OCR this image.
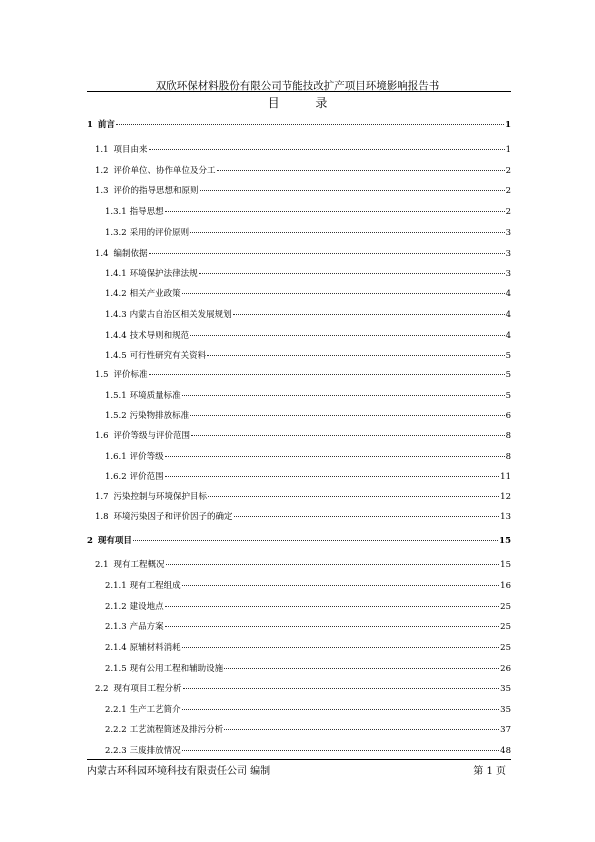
双欣环保材料股份有限公司节能技改扩产项目环境影响报告书
目 录
1 前言	1
1.1 项目由来	1
1.2 评价单位、协作单位及分工	2
1.3 评价的指导思想和原则	2
1.3.1 指导思想	2
1.3.2 采用的评价原则	3
1.4 编制依据	3
1.4.1 环境保护法律法规	3
1.4.2 相关产业政策	4
1.4.3 内蒙古自治区相关发展规划	4
1.4.4 技术导则和规范	4
1.4.5 可行性研究有关资料	5
1.5 评价标准	5
1.5.1 环境质量标准	5
1.5.2 污染物排放标准	6
1.6 评价等级与评价范围	8
1.6.1 评价等级	8
1.6.2 评价范围	11
1.7 污染控制与环境保护目标	12
1.8 环境污染因子和评价因子的确定	13
2 现有项目	15
2.1 现有工程概况	15
2.1.1 现有工程组成	16
2.1.2 建设地点	25
2.1.3 产品方案	25
2.1.4 原辅材料消耗	25
2.1.5 现有公用工程和辅助设施	26
2.2 现有项目工程分析	35
2.2.1 生产工艺简介	35
2.2.2 工艺流程简述及排污分析	37
2.2.3 三废排放情况	48
内蒙古环科园环境科技有限责任公司 编制	第 1 页
